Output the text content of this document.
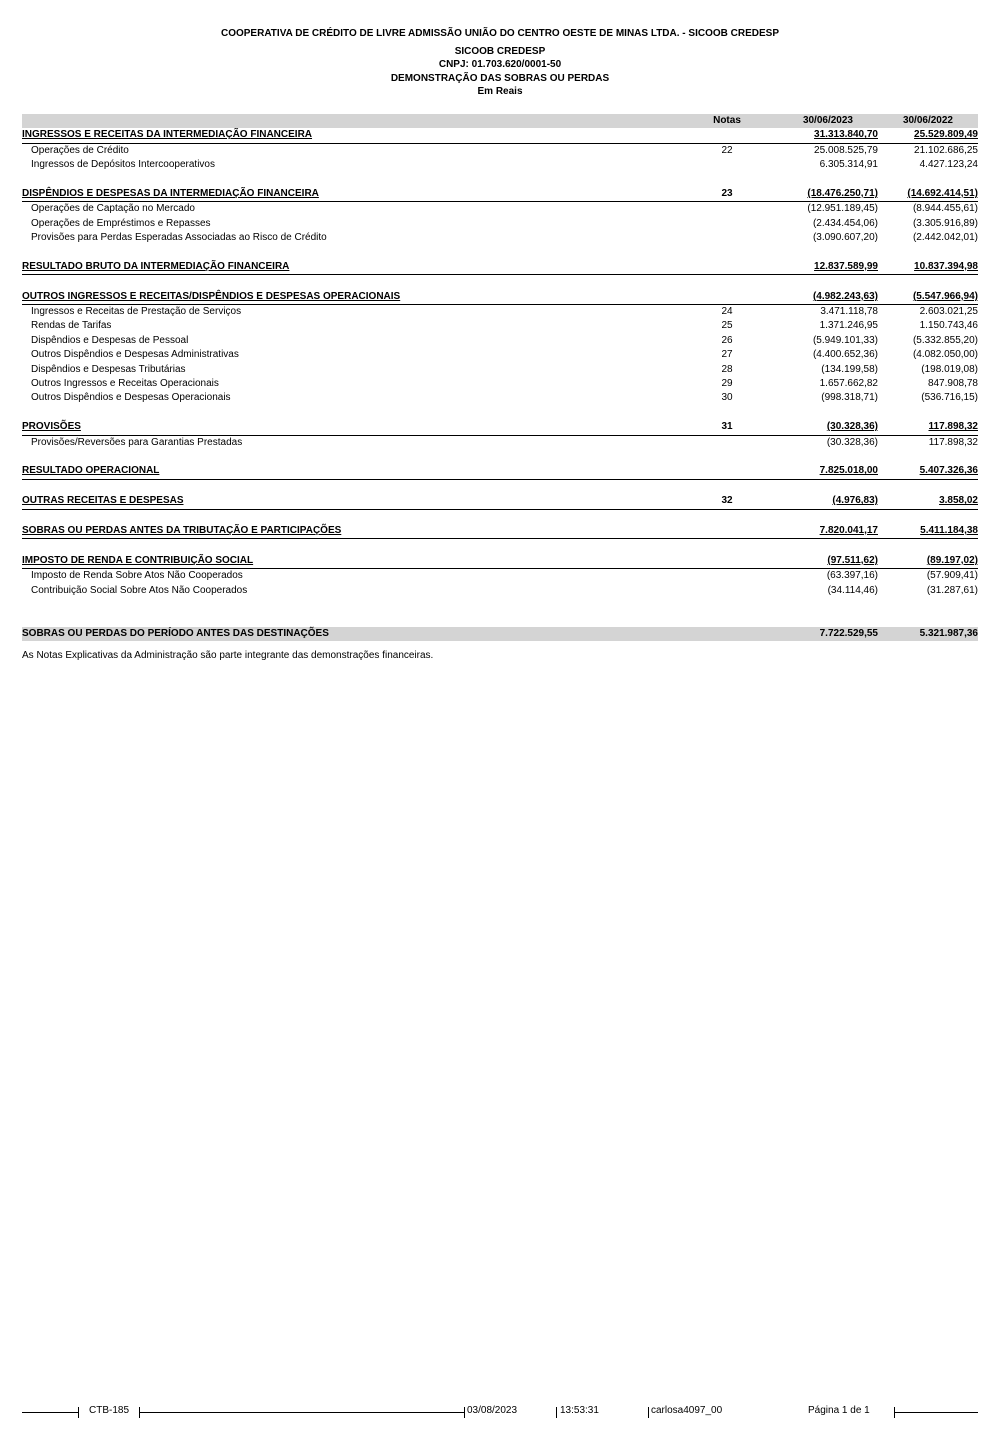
COOPERATIVA DE CRÉDITO DE LIVRE ADMISSÃO UNIÃO DO CENTRO OESTE DE MINAS LTDA. - SICOOB CREDESP
SICOOB CREDESP
CNPJ: 01.703.620/0001-50
DEMONSTRAÇÃO DAS SOBRAS OU PERDAS
Em Reais
Notas	30/06/2023	30/06/2022
INGRESSOS E RECEITAS DA INTERMEDIAÇÃO FINANCEIRA	31.313.840,70	25.529.809,49
Operações de Crédito	22	25.008.525,79	21.102.686,25
Ingressos de Depósitos Intercooperativos	6.305.314,91	4.427.123,24
DISPÊNDIOS E DESPESAS DA INTERMEDIAÇÃO FINANCEIRA	23	(18.476.250,71)	(14.692.414,51)
Operações de Captação no Mercado	(12.951.189,45)	(8.944.455,61)
Operações de Empréstimos e Repasses	(2.434.454,06)	(3.305.916,89)
Provisões para Perdas Esperadas Associadas ao Risco de Crédito	(3.090.607,20)	(2.442.042,01)
RESULTADO BRUTO DA INTERMEDIAÇÃO FINANCEIRA	12.837.589,99	10.837.394,98
OUTROS INGRESSOS E RECEITAS/DISPÊNDIOS E DESPESAS OPERACIONAIS	(4.982.243,63)	(5.547.966,94)
Ingressos e Receitas de Prestação de Serviços	24	3.471.118,78	2.603.021,25
Rendas de Tarifas	25	1.371.246,95	1.150.743,46
Dispêndios e Despesas de Pessoal	26	(5.949.101,33)	(5.332.855,20)
Outros Dispêndios e Despesas Administrativas	27	(4.400.652,36)	(4.082.050,00)
Dispêndios e Despesas Tributárias	28	(134.199,58)	(198.019,08)
Outros Ingressos e Receitas Operacionais	29	1.657.662,82	847.908,78
Outros Dispêndios e Despesas Operacionais	30	(998.318,71)	(536.716,15)
PROVISÕES	31	(30.328,36)	117.898,32
Provisões/Reversões para Garantias Prestadas	(30.328,36)	117.898,32
RESULTADO OPERACIONAL	7.825.018,00	5.407.326,36
OUTRAS RECEITAS E DESPESAS	32	(4.976,83)	3.858,02
SOBRAS OU PERDAS ANTES DA TRIBUTAÇÃO E PARTICIPAÇÕES	7.820.041,17	5.411.184,38
IMPOSTO DE RENDA E CONTRIBUIÇÃO SOCIAL	(97.511,62)	(89.197,02)
Imposto de Renda Sobre Atos Não Cooperados	(63.397,16)	(57.909,41)
Contribuição Social Sobre Atos Não Cooperados	(34.114,46)	(31.287,61)
SOBRAS OU PERDAS DO PERÍODO ANTES DAS DESTINAÇÕES	7.722.529,55	5.321.987,36
As Notas Explicativas da Administração são parte integrante das demonstrações financeiras.
CTB-185	03/08/2023	13:53:31	carlosa4097_00	Página 1 de 1
